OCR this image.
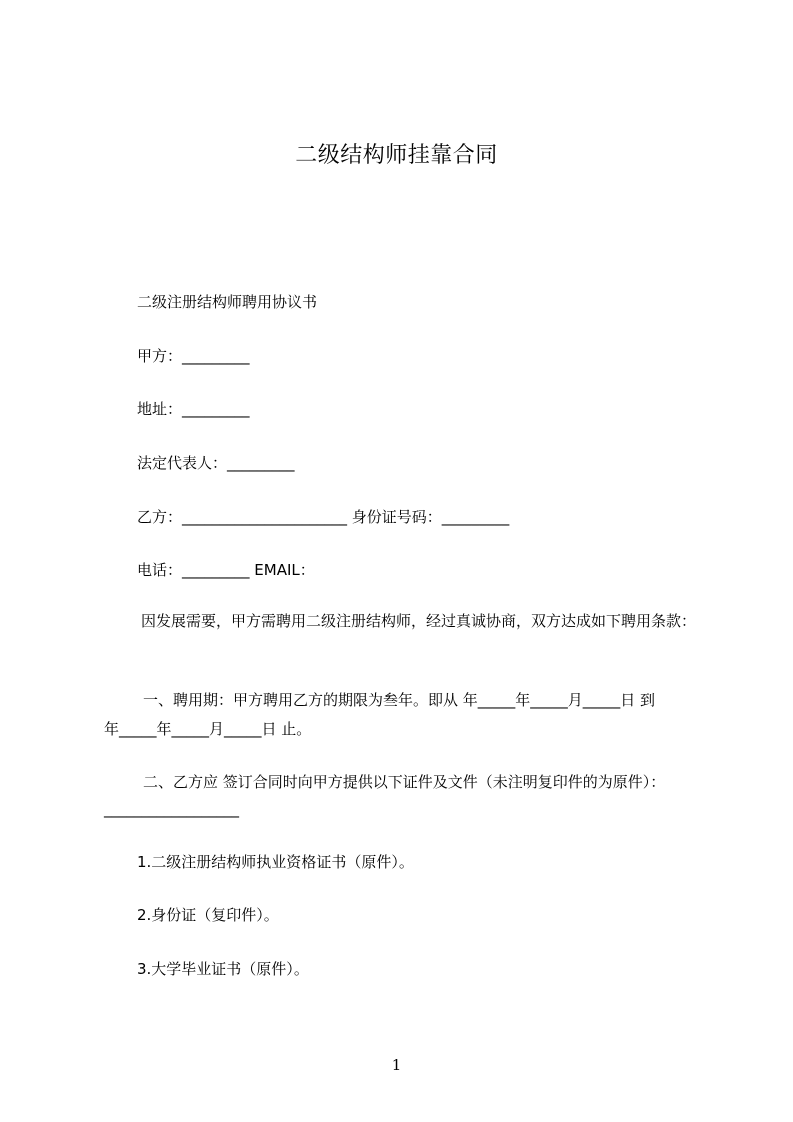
二级结构师挂靠合同
二级注册结构师聘用协议书
甲方：_________
地址：_________
法定代表人：_________
乙方：______________________ 身份证号码：_________
电话：_________ EMAIL：
因发展需要，甲方需聘用二级注册结构师，经过真诚协商，双方达成如下聘用条款：
一、聘用期：甲方聘用乙方的期限为叁年。即从 年_____年_____月_____日 到
年_____年_____月_____日 止。
二、乙方应 签订合同时向甲方提供以下证件及文件（未注明复印件的为原件）：
__________________
1.二级注册结构师执业资格证书（原件）。
2.身份证（复印件）。
3.大学毕业证书（原件）。
1
